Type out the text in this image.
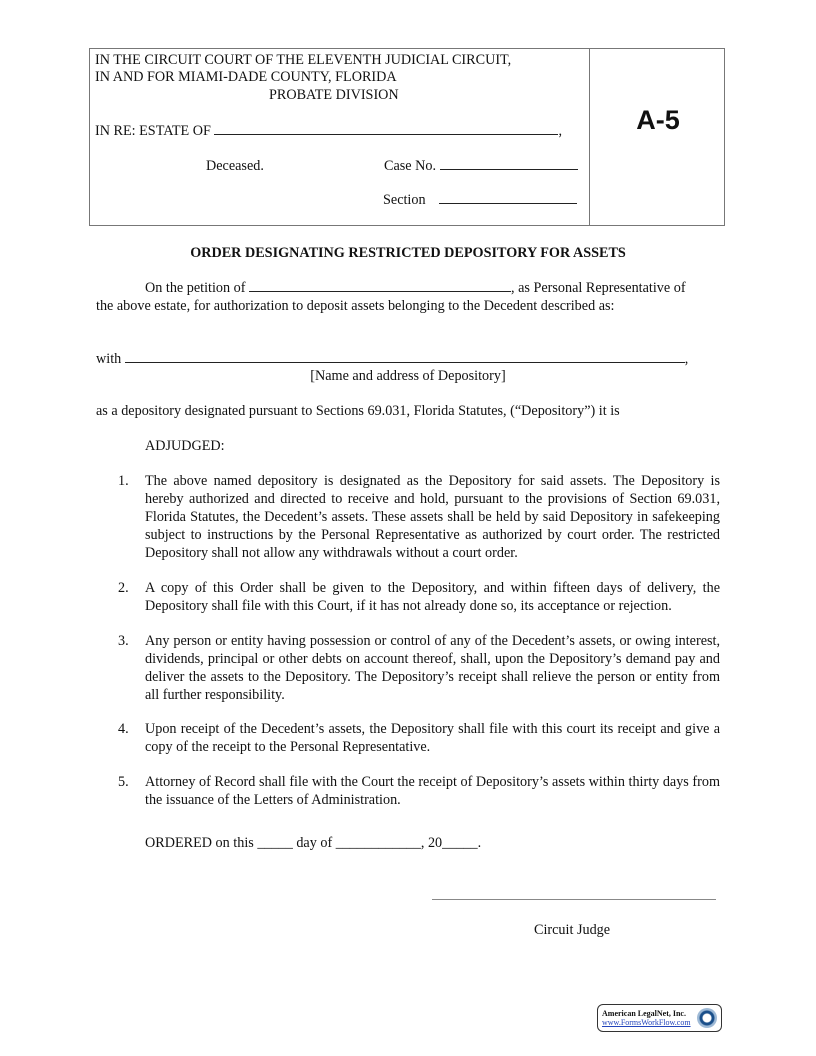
IN THE CIRCUIT COURT OF THE ELEVENTH JUDICIAL CIRCUIT,
IN AND FOR MIAMI-DADE COUNTY, FLORIDA
PROBATE DIVISION
IN RE: ESTATE OF	,
Deceased.	Case No.
Section
A-5
ORDER DESIGNATING RESTRICTED DEPOSITORY FOR ASSETS
On the petition of	, as Personal Representative of
the above estate, for authorization to deposit assets belonging to the Decedent described as:
with	,
[Name and address of Depository]
as a depository designated pursuant to Sections 69.031, Florida Statutes, (“Depository”) it is
ADJUDGED:
1. The above named depository is designated as the Depository for said assets. The Depository is hereby authorized and directed to receive and hold, pursuant to the provisions of Section 69.031, Florida Statutes, the Decedent’s assets. These assets shall be held by said Depository in safekeeping subject to instructions by the Personal Representative as authorized by court order. The restricted Depository shall not allow any withdrawals without a court order.
2. A copy of this Order shall be given to the Depository, and within fifteen days of delivery, the Depository shall file with this Court, if it has not already done so, its acceptance or rejection.
3. Any person or entity having possession or control of any of the Decedent’s assets, or owing interest, dividends, principal or other debts on account thereof, shall, upon the Depository’s demand pay and deliver the assets to the Depository. The Depository’s receipt shall relieve the person or entity from all further responsibility.
4. Upon receipt of the Decedent’s assets, the Depository shall file with this court its receipt and give a copy of the receipt to the Personal Representative.
5. Attorney of Record shall file with the Court the receipt of Depository’s assets within thirty days from the issuance of the Letters of Administration.
ORDERED on this _____ day of ____________, 20_____.
Circuit Judge
American LegalNet, Inc.
www.FormsWorkFlow.com
